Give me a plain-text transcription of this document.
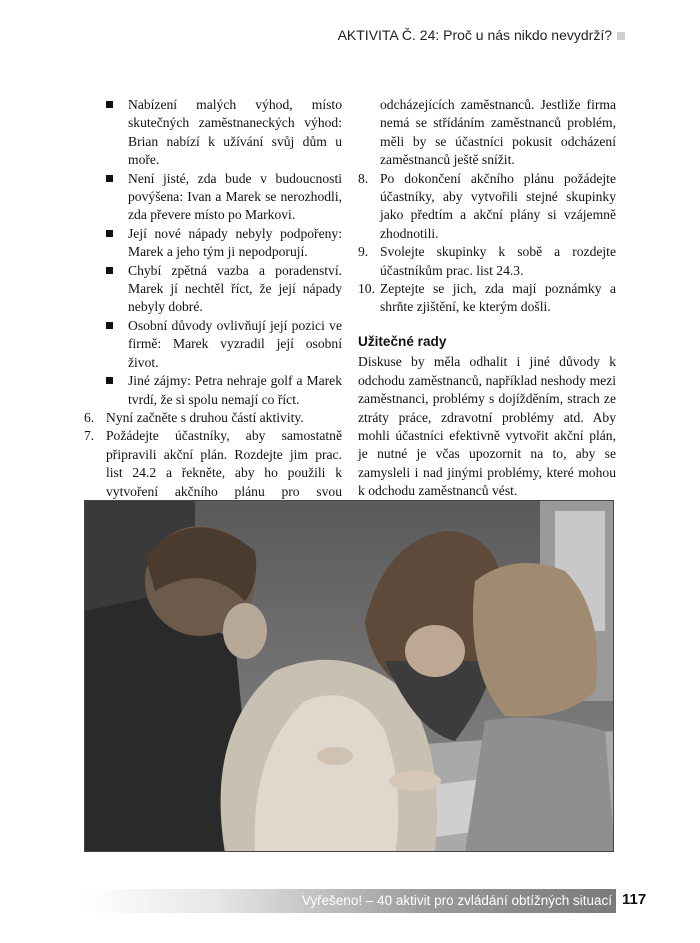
AKTIVITA Č. 24: Proč u nás nikdo nevydrží?
Nabízení malých výhod, místo skutečných zaměstnaneckých výhod: Brian nabízí k užívání svůj dům u moře.
Není jisté, zda bude v budoucnosti povýšena: Ivan a Marek se nerozhodli, zda převere místo po Markovi.
Její nové nápady nebyly podpořeny: Marek a jeho tým ji nepodporují.
Chybí zpětná vazba a poradenství. Marek jí nechtěl říct, že její nápady nebyly dobré.
Osobní důvody ovlivňují její pozici ve firmě: Marek vyzradil její osobní život.
Jiné zájmy: Petra nehraje golf a Marek tvrdí, že si spolu nemají co říct.
6. Nyní začněte s druhou částí aktivity.
7. Požádejte účastníky, aby samostatně připravili akční plán. Rozdejte jim prac. list 24.2 a řekněte, aby ho použili k vytvoření akčního plánu pro svou

odcházejících zaměstnanců. Jestliže firma nemá se střídáním zaměstnanců problém, měli by se účastníci pokusit odcházení zaměstnanců ještě snížit.

8. Po dokončení akčního plánu požádejte účastníky, aby vytvořili stejné skupinky jako předtím a akční plány si vzájemně zhodnotili.
9. Svolejte skupinky k sobě a rozdejte účastníkům prac. list 24.3.
10. Zeptejte se jich, zda mají poznámky a shrňte zjištění, ke kterým došli.
Užitečné rady

Diskuse by měla odhalit i jiné důvody k odchodu zaměstnanců, například neshody mezi zaměstnanci, problémy s dojížděním, strach ze ztráty práce, zdravotní problémy atd. Aby mohli účastníci efektivně vytvořit akční plán, je nutné je včas upozornit na to, aby se zamysleli i nad jinými problémy, které mohou k odchodu zaměstnanců vést.

Vyřešeno! – 40 aktivit pro zvládání obtížných situací 117
